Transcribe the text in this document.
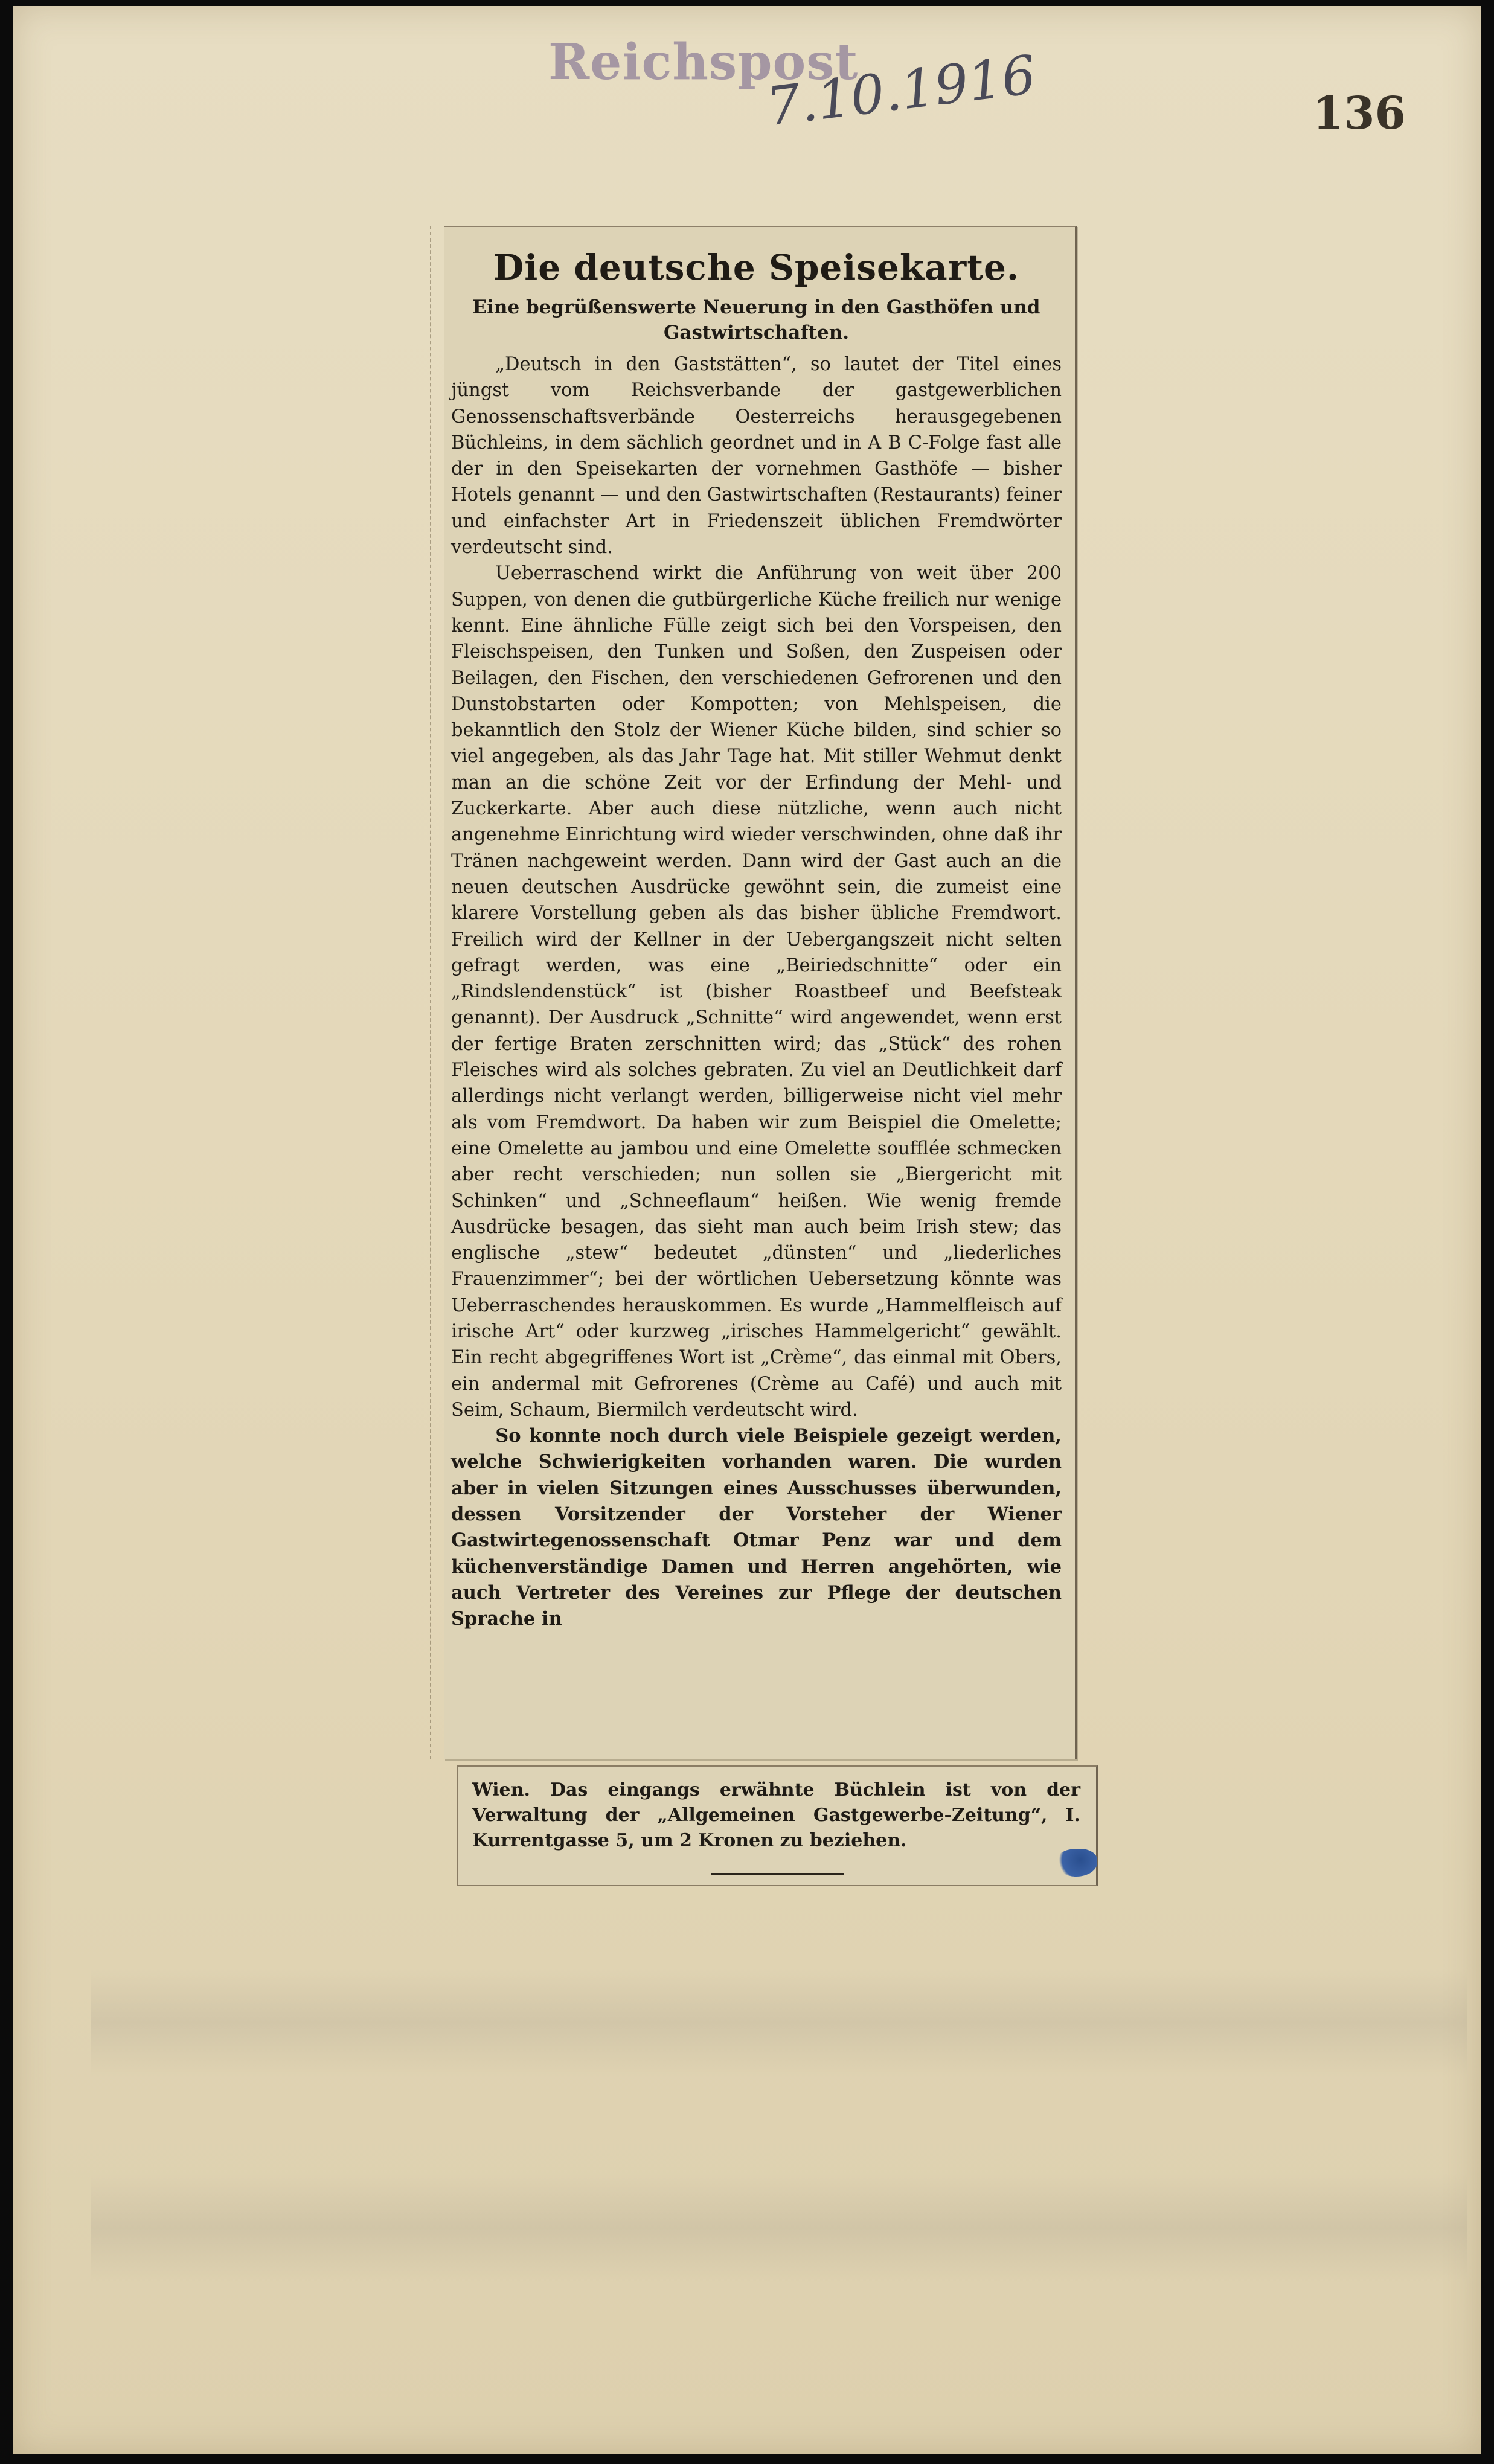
Reichspost
7.10.1916	136
Die deutsche Speisekarte.
Eine begrüßenswerte Neuerung in den Gasthöfen und Gastwirtschaften.

„Deutsch in den Gaststätten“, so lautet der Titel eines jüngst vom Reichsverbande der gastgewerblichen Genossenschaftsverbände Oesterreichs herausgegebenen Büchleins, in dem sächlich geordnet und in A B C-Folge fast alle der in den Speisekarten der vornehmen Gasthöfe — bisher Hotels genannt — und den Gastwirtschaften (Restaurants) feiner und einfachster Art in Friedenszeit üblichen Fremdwörter verdeutscht sind.

Ueberraschend wirkt die Anführung von weit über 200 Suppen, von denen die gutbürgerliche Küche freilich nur wenige kennt. Eine ähnliche Fülle zeigt sich bei den Vorspeisen, den Fleischspeisen, den Tunken und Soßen, den Zuspeisen oder Beilagen, den Fischen, den verschiedenen Gefrorenen und den Dunstobstarten oder Kompotten; von Mehlspeisen, die bekanntlich den Stolz der Wiener Küche bilden, sind schier so viel angegeben, als das Jahr Tage hat. Mit stiller Wehmut denkt man an die schöne Zeit vor der Erfindung der Mehl- und Zuckerkarte. Aber auch diese nützliche, wenn auch nicht angenehme Einrichtung wird wieder verschwinden, ohne daß ihr Tränen nachgeweint werden. Dann wird der Gast auch an die neuen deutschen Ausdrücke gewöhnt sein, die zumeist eine klarere Vorstellung geben als das bisher übliche Fremdwort. Freilich wird der Kellner in der Uebergangszeit nicht selten gefragt werden, was eine „Beiriedschnitte“ oder ein „Rindslendenstück“ ist (bisher Roastbeef und Beefsteak genannt). Der Ausdruck „Schnitte“ wird angewendet, wenn erst der fertige Braten zerschnitten wird; das „Stück“ des rohen Fleisches wird als solches gebraten. Zu viel an Deutlichkeit darf allerdings nicht verlangt werden, billigerweise nicht viel mehr als vom Fremdwort. Da haben wir zum Beispiel die Omelette; eine Omelette au jambou und eine Omelette soufflée schmecken aber recht verschieden; nun sollen sie „Biergericht mit Schinken“ und „Schneeflaum“ heißen. Wie wenig fremde Ausdrücke besagen, das sieht man auch beim Irish stew; das englische „stew“ bedeutet „dünsten“ und „liederliches Frauenzimmer“; bei der wörtlichen Uebersetzung könnte was Ueberraschendes herauskommen. Es wurde „Hammelfleisch auf irische Art“ oder kurzweg „irisches Hammelgericht“ gewählt. Ein recht abgegriffenes Wort ist „Crème“, das einmal mit Obers, ein andermal mit Gefrorenes (Crème au Café) und auch mit Seim, Schaum, Biermilch verdeutscht wird.

So konnte noch durch viele Beispiele gezeigt werden, welche Schwierigkeiten vorhanden waren. Die wurden aber in vielen Sitzungen eines Ausschusses überwunden, dessen Vorsitzender der Vorsteher der Wiener Gastwirtegenossenschaft Otmar Penz war und dem küchenverständige Damen und Herren angehörten, wie auch Vertreter des Vereines zur Pflege der deutschen Sprache in

Wien. Das eingangs erwähnte Büchlein ist von der Verwaltung der „Allgemeinen Gastgewerbe-Zeitung“, I. Kurrentgasse 5, um 2 Kronen zu beziehen.
